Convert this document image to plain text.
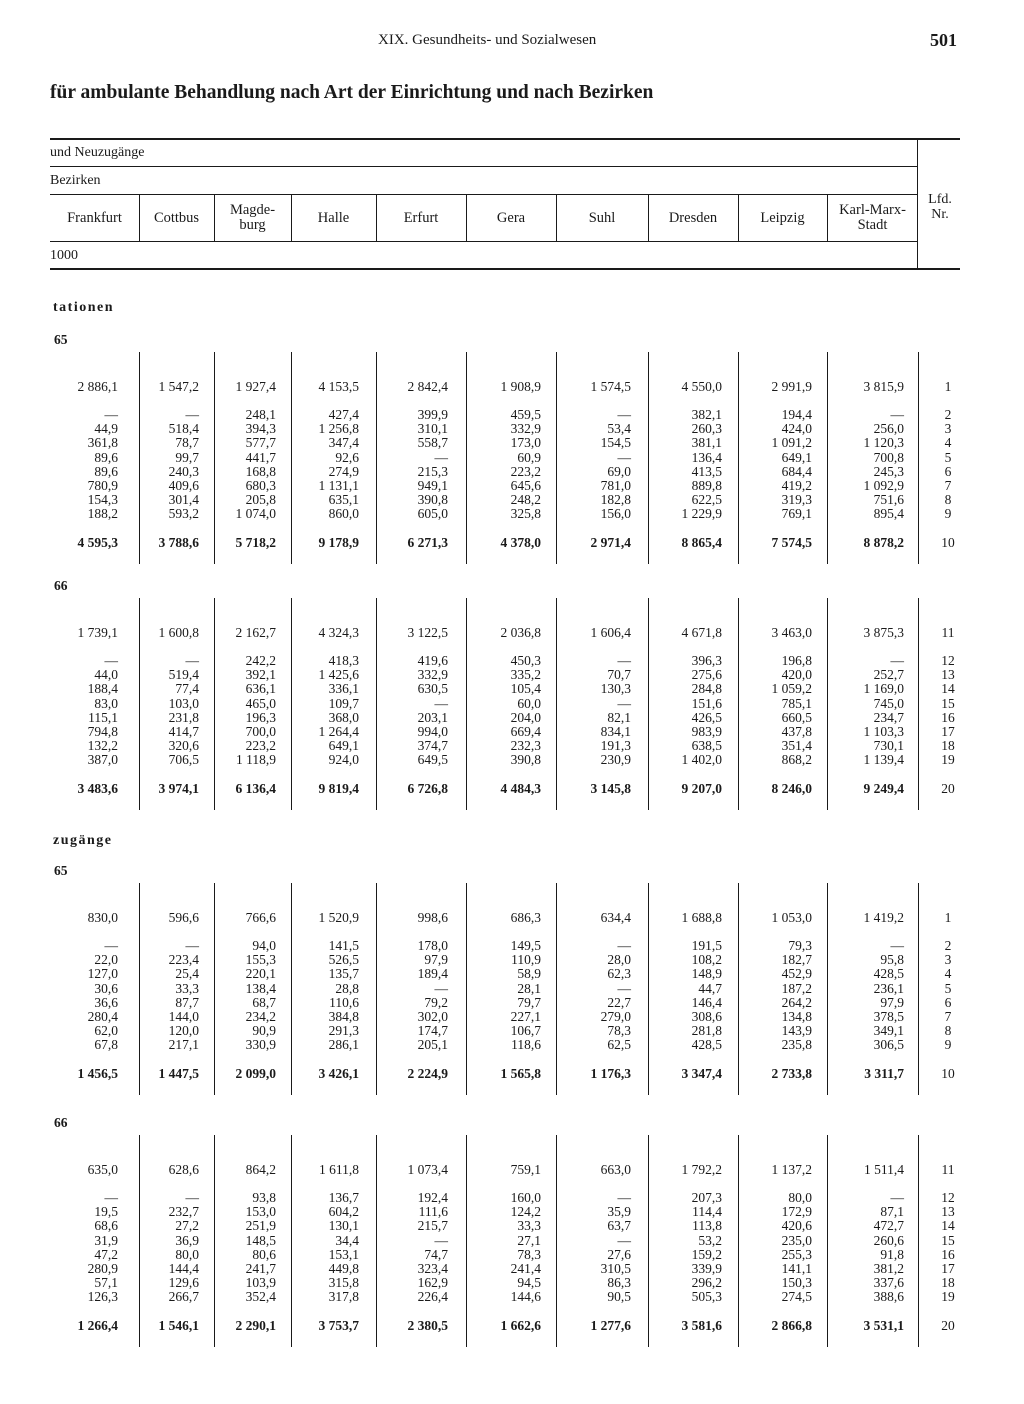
XIX. Gesundheits- und Sozialwesen	501
für ambulante Behandlung nach Art der Einrichtung und nach Bezirken
und Neuzugänge
Bezirken
1000
Lfd.
Nr.
Frankfurt	Cottbus	Magde-
burg	Halle	Erfurt	Gera	Suhl	Dresden	Leipzig	Karl-Marx-
Stadt
tationen
65
2 886,1	1 547,2	1 927,4	4 153,5	2 842,4	1 908,9	1 574,5	4 550,0	2 991,9	3 815,9	1
—	—	248,1	427,4	399,9	459,5	—	382,1	194,4	—	2
44,9	518,4	394,3	1 256,8	310,1	332,9	53,4	260,3	424,0	256,0	3
361,8	78,7	577,7	347,4	558,7	173,0	154,5	381,1	1 091,2	1 120,3	4
89,6	99,7	441,7	92,6	—	60,9	—	136,4	649,1	700,8	5
89,6	240,3	168,8	274,9	215,3	223,2	69,0	413,5	684,4	245,3	6
780,9	409,6	680,3	1 131,1	949,1	645,6	781,0	889,8	419,2	1 092,9	7
154,3	301,4	205,8	635,1	390,8	248,2	182,8	622,5	319,3	751,6	8
188,2	593,2	1 074,0	860,0	605,0	325,8	156,0	1 229,9	769,1	895,4	9
4 595,3	3 788,6	5 718,2	9 178,9	6 271,3	4 378,0	2 971,4	8 865,4	7 574,5	8 878,2	10
66
1 739,1	1 600,8	2 162,7	4 324,3	3 122,5	2 036,8	1 606,4	4 671,8	3 463,0	3 875,3	11
—	—	242,2	418,3	419,6	450,3	—	396,3	196,8	—	12
44,0	519,4	392,1	1 425,6	332,9	335,2	70,7	275,6	420,0	252,7	13
188,4	77,4	636,1	336,1	630,5	105,4	130,3	284,8	1 059,2	1 169,0	14
83,0	103,0	465,0	109,7	—	60,0	—	151,6	785,1	745,0	15
115,1	231,8	196,3	368,0	203,1	204,0	82,1	426,5	660,5	234,7	16
794,8	414,7	700,0	1 264,4	994,0	669,4	834,1	983,9	437,8	1 103,3	17
132,2	320,6	223,2	649,1	374,7	232,3	191,3	638,5	351,4	730,1	18
387,0	706,5	1 118,9	924,0	649,5	390,8	230,9	1 402,0	868,2	1 139,4	19
3 483,6	3 974,1	6 136,4	9 819,4	6 726,8	4 484,3	3 145,8	9 207,0	8 246,0	9 249,4	20
zugänge
65
830,0	596,6	766,6	1 520,9	998,6	686,3	634,4	1 688,8	1 053,0	1 419,2	1
—	—	94,0	141,5	178,0	149,5	—	191,5	79,3	—	2
22,0	223,4	155,3	526,5	97,9	110,9	28,0	108,2	182,7	95,8	3
127,0	25,4	220,1	135,7	189,4	58,9	62,3	148,9	452,9	428,5	4
30,6	33,3	138,4	28,8	—	28,1	—	44,7	187,2	236,1	5
36,6	87,7	68,7	110,6	79,2	79,7	22,7	146,4	264,2	97,9	6
280,4	144,0	234,2	384,8	302,0	227,1	279,0	308,6	134,8	378,5	7
62,0	120,0	90,9	291,3	174,7	106,7	78,3	281,8	143,9	349,1	8
67,8	217,1	330,9	286,1	205,1	118,6	62,5	428,5	235,8	306,5	9
1 456,5	1 447,5	2 099,0	3 426,1	2 224,9	1 565,8	1 176,3	3 347,4	2 733,8	3 311,7	10
66
635,0	628,6	864,2	1 611,8	1 073,4	759,1	663,0	1 792,2	1 137,2	1 511,4	11
—	—	93,8	136,7	192,4	160,0	—	207,3	80,0	—	12
19,5	232,7	153,0	604,2	111,6	124,2	35,9	114,4	172,9	87,1	13
68,6	27,2	251,9	130,1	215,7	33,3	63,7	113,8	420,6	472,7	14
31,9	36,9	148,5	34,4	—	27,1	—	53,2	235,0	260,6	15
47,2	80,0	80,6	153,1	74,7	78,3	27,6	159,2	255,3	91,8	16
280,9	144,4	241,7	449,8	323,4	241,4	310,5	339,9	141,1	381,2	17
57,1	129,6	103,9	315,8	162,9	94,5	86,3	296,2	150,3	337,6	18
126,3	266,7	352,4	317,8	226,4	144,6	90,5	505,3	274,5	388,6	19
1 266,4	1 546,1	2 290,1	3 753,7	2 380,5	1 662,6	1 277,6	3 581,6	2 866,8	3 531,1	20
